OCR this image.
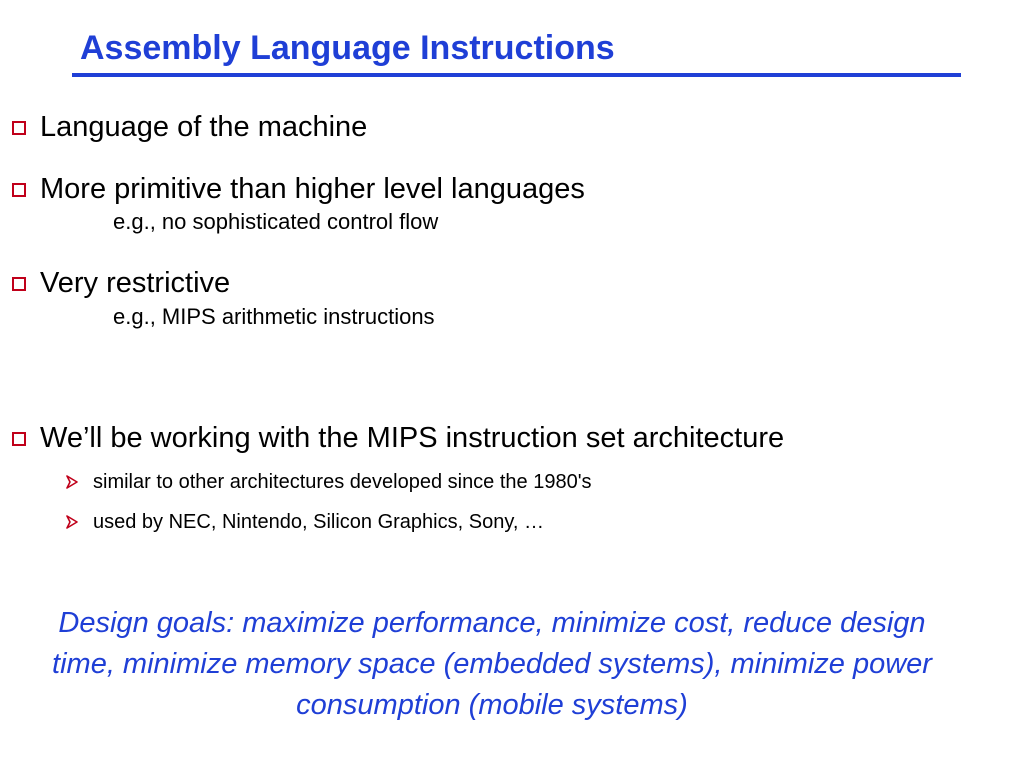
Assembly Language Instructions
Language of the machine
More primitive than higher level languages
e.g., no sophisticated control flow
Very restrictive
e.g., MIPS arithmetic instructions
We’ll be working with the MIPS instruction set architecture
similar to other architectures developed since the 1980's
used by NEC, Nintendo, Silicon Graphics, Sony, …

Design goals: maximize performance, minimize cost, reduce design time, minimize memory space (embedded systems), minimize power consumption (mobile systems)
